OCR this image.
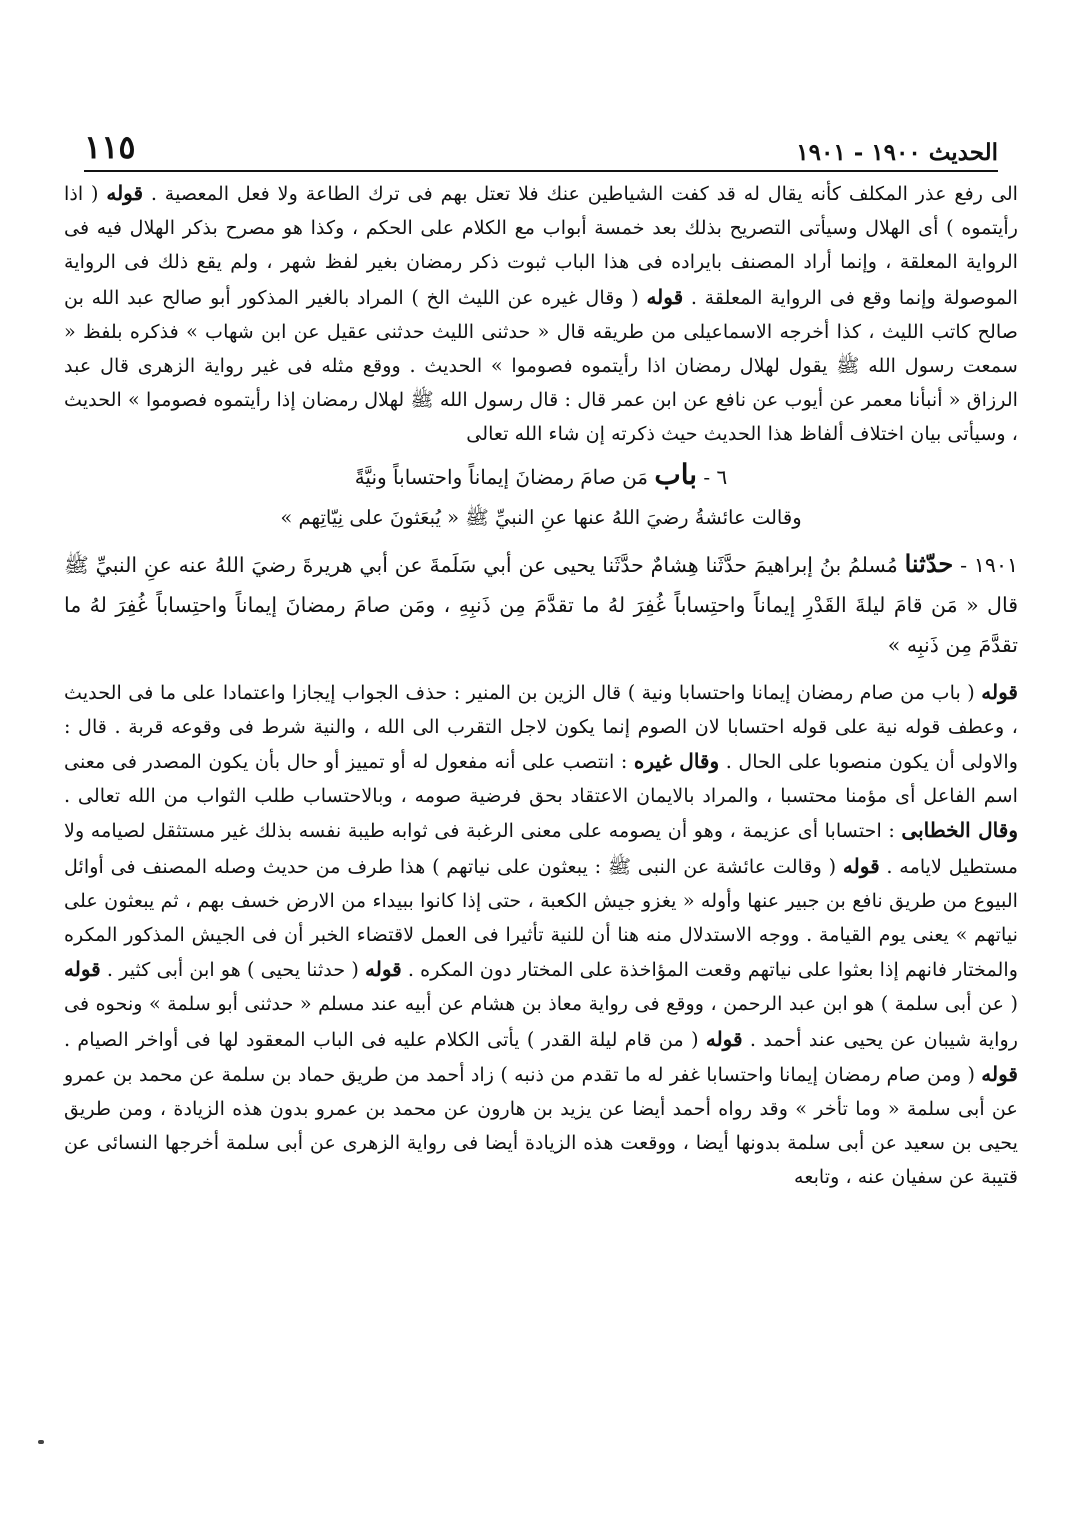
الحديث ١٩٠٠ - ١٩٠١
١١٥

الى رفع عذر المكلف كأنه يقال له قد كفت الشياطين عنك فلا تعتل بهم فى ترك الطاعة ولا فعل المعصية . قوله ( اذا رأيتموه ) أى الهلال وسيأتى التصريح بذلك بعد خمسة أبواب مع الكلام على الحكم ، وكذا هو مصرح بذكر الهلال فيه فى الرواية المعلقة ، وإنما أراد المصنف بايراده فى هذا الباب ثبوت ذكر رمضان بغير لفظ شهر ، ولم يقع ذلك فى الرواية الموصولة وإنما وقع فى الرواية المعلقة . قوله ( وقال غيره عن الليث الخ ) المراد بالغير المذكور أبو صالح عبد الله بن صالح كاتب الليث ، كذا أخرجه الاسماعيلى من طريقه قال « حدثنى الليث حدثنى عقيل عن ابن شهاب » فذكره بلفظ « سمعت رسول الله ﷺ يقول لهلال رمضان اذا رأيتموه فصوموا » الحديث . ووقع مثله فى غير رواية الزهرى قال عبد الرزاق « أنبأنا معمر عن أيوب عن نافع عن ابن عمر قال : قال رسول الله ﷺ لهلال رمضان إذا رأيتموه فصوموا » الحديث ، وسيأتى بيان اختلاف ألفاظ هذا الحديث حيث ذكرته إن شاء الله تعالى

٦ - باب مَن صامَ رمضانَ إيماناً واحتساباً ونيَّةً

وقالت عائشةُ رضيَ اللهُ عنها عنِ النبيِّ ﷺ « يُبعَثونَ على نِيّاتِهم »

١٩٠١ - حدّثنا مُسلمُ بنُ إبراهيمَ حدَّثَنا هِشامٌ حدَّثَنا يحيى عن أبي سَلَمةَ عن أبي هريرةَ رضيَ اللهُ عنه عنِ النبيِّ ﷺ قال « مَن قامَ ليلةَ القَدْرِ إيماناً واحتِساباً غُفِرَ لهُ ما تقدَّمَ مِن ذَنبِهِ ، ومَن صامَ رمضانَ إيماناً واحتِساباً غُفِرَ لهُ ما تقدَّمَ مِن ذَنبِه »

قوله ( باب من صام رمضان إيمانا واحتسابا ونية ) قال الزين بن المنير : حذف الجواب إيجازا واعتمادا على ما فى الحديث ، وعطف قوله نية على قوله احتسابا لان الصوم إنما يكون لاجل التقرب الى الله ، والنية شرط فى وقوعه قربة . قال : والاولى أن يكون منصوبا على الحال . وقال غيره : انتصب على أنه مفعول له أو تمييز أو حال بأن يكون المصدر فى معنى اسم الفاعل أى مؤمنا محتسبا ، والمراد بالايمان الاعتقاد بحق فرضية صومه ، وبالاحتساب طلب الثواب من الله تعالى . وقال الخطابى : احتسابا أى عزيمة ، وهو أن يصومه على معنى الرغبة فى ثوابه طيبة نفسه بذلك غير مستثقل لصيامه ولا مستطيل لايامه . قوله ( وقالت عائشة عن النبى ﷺ : يبعثون على نياتهم ) هذا طرف من حديث وصله المصنف فى أوائل البيوع من طريق نافع بن جبير عنها وأوله « يغزو جيش الكعبة ، حتى إذا كانوا ببيداء من الارض خسف بهم ، ثم يبعثون على نياتهم » يعنى يوم القيامة . ووجه الاستدلال منه هنا أن للنية تأثيرا فى العمل لاقتضاء الخبر أن فى الجيش المذكور المكره والمختار فانهم إذا بعثوا على نياتهم وقعت المؤاخذة على المختار دون المكره . قوله ( حدثنا يحيى ) هو ابن أبى كثير . قوله ( عن أبى سلمة ) هو ابن عبد الرحمن ، ووقع فى رواية معاذ بن هشام عن أبيه عند مسلم « حدثنى أبو سلمة » ونحوه فى رواية شيبان عن يحيى عند أحمد . قوله ( من قام ليلة القدر ) يأتى الكلام عليه فى الباب المعقود لها فى أواخر الصيام . قوله ( ومن صام رمضان إيمانا واحتسابا غفر له ما تقدم من ذنبه ) زاد أحمد من طريق حماد بن سلمة عن محمد بن عمرو عن أبى سلمة « وما تأخر » وقد رواه أحمد أيضا عن يزيد بن هارون عن محمد بن عمرو بدون هذه الزيادة ، ومن طريق يحيى بن سعيد عن أبى سلمة بدونها أيضا ، ووقعت هذه الزيادة أيضا فى رواية الزهرى عن أبى سلمة أخرجها النسائى عن قتيبة عن سفيان عنه ، وتابعه
